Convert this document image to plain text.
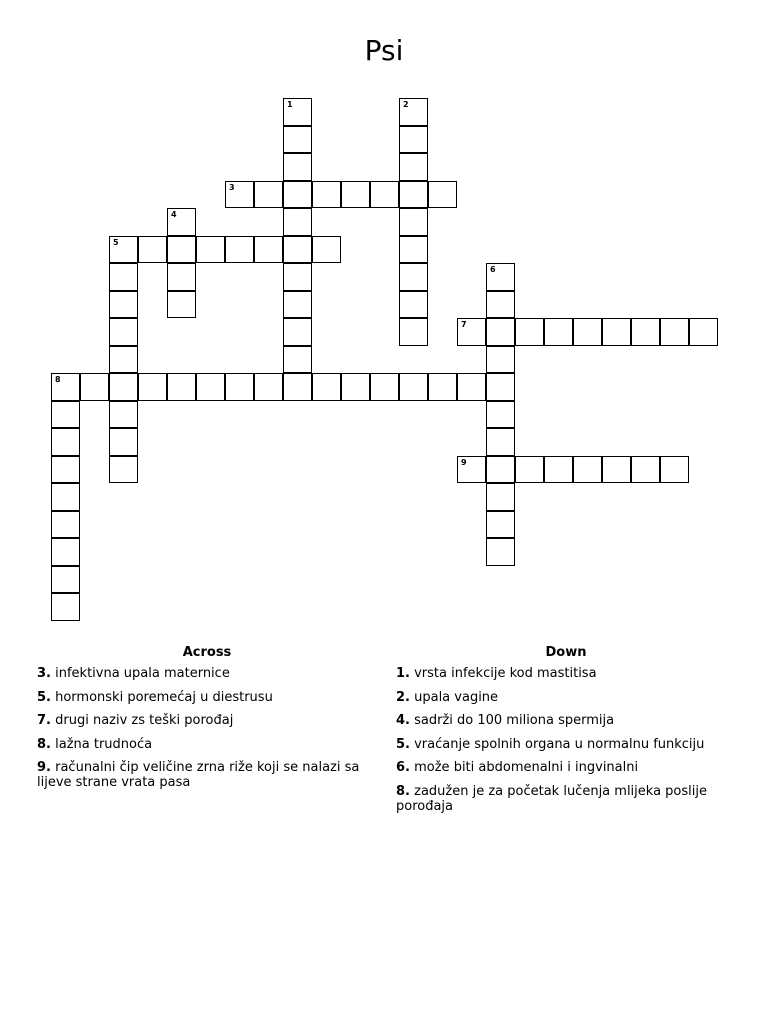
Psi
1	2
3
4
5
6
7
8
9
Across
3. infektivna upala maternice
5. hormonski poremećaj u diestrusu
7. drugi naziv zs teški porođaj
8. lažna trudnoća
9. računalni čip veličine zrna riže koji se nalazi sa lijeve strane vrata pasa
Down
1. vrsta infekcije kod mastitisa
2. upala vagine
4. sadrži do 100 miliona spermija
5. vraćanje spolnih organa u normalnu funkciju
6. može biti abdomenalni i ingvinalni
8. zadužen je za početak lučenja mlijeka poslije porođaja
